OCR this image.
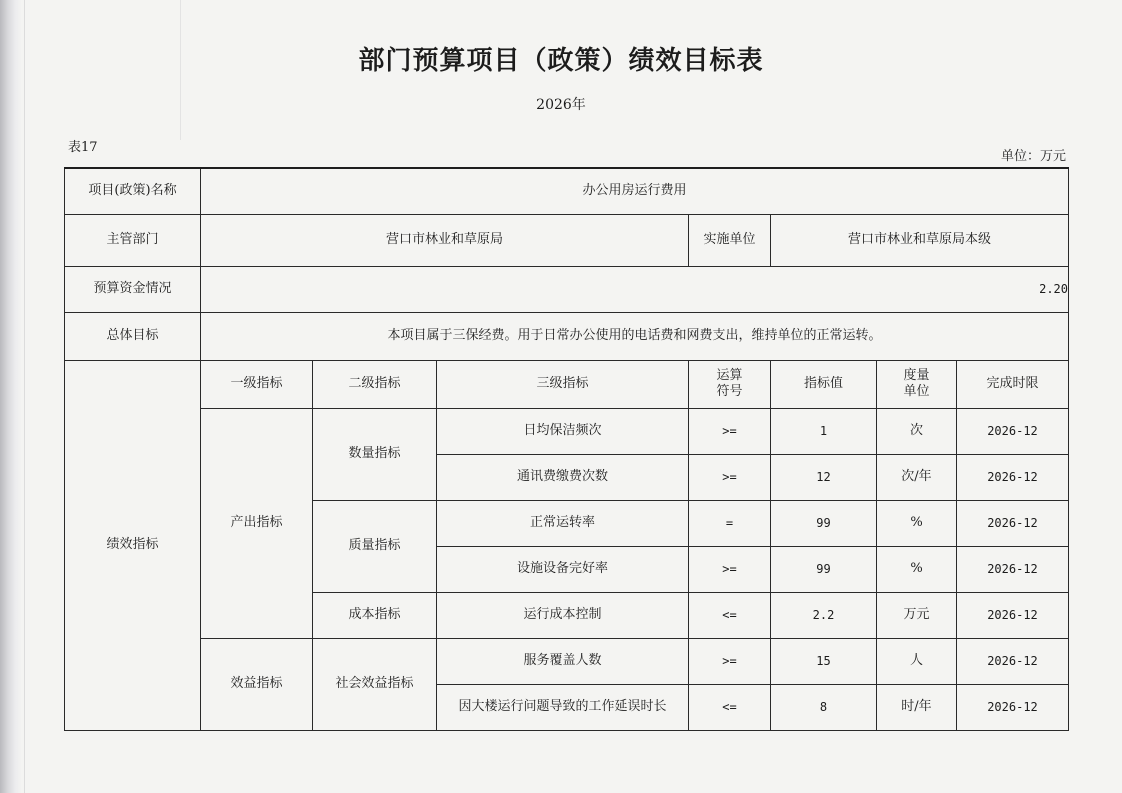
部门预算项目（政策）绩效目标表
2026年
表17
单位：万元
项目(政策)名称	办公用房运行费用						
主管部门	营口市林业和草原局			实施单位	营口市林业和草原局本级		
预算资金情况	2.20						
总体目标	本项目属于三保经费。用于日常办公使用的电话费和网费支出，维持单位的正常运转。						
绩效指标	一级指标	二级指标	三级指标	运算符号	指标值	度量单位	完成时限
	产出指标	数量指标	日均保洁频次	>=	1	次	2026-12
			通讯费缴费次数	>=	12	次/年	2026-12
		质量指标	正常运转率	=	99	%	2026-12
			设施设备完好率	>=	99	%	2026-12
		成本指标	运行成本控制	<=	2.2	万元	2026-12
	效益指标	社会效益指标	服务覆盖人数	>=	15	人	2026-12
			因大楼运行问题导致的工作延误时长	<=	8	时/年	2026-12
